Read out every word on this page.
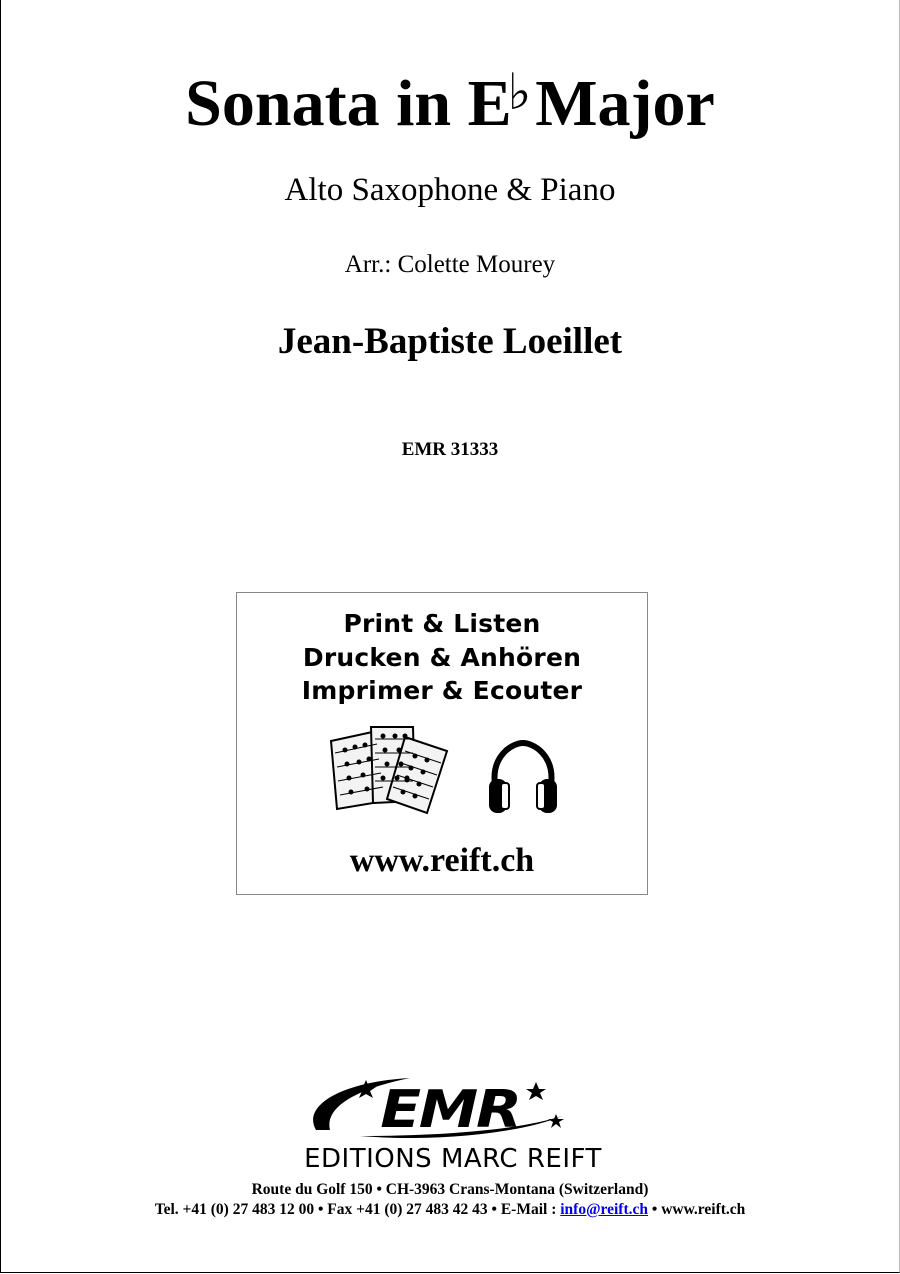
Sonata in E♭Major
Alto Saxophone & Piano
Arr.: Colette Mourey
Jean-Baptiste Loeillet
EMR 31333
Print & Listen
Drucken & Anhören
Imprimer & Ecouter
www.reift.ch
EMR
EDITIONS MARC REIFT
Route du Golf 150 • CH-3963 Crans-Montana (Switzerland)
Tel. +41 (0) 27 483 12 00 • Fax +41 (0) 27 483 42 43 • E-Mail : info@reift.ch • www.reift.ch
